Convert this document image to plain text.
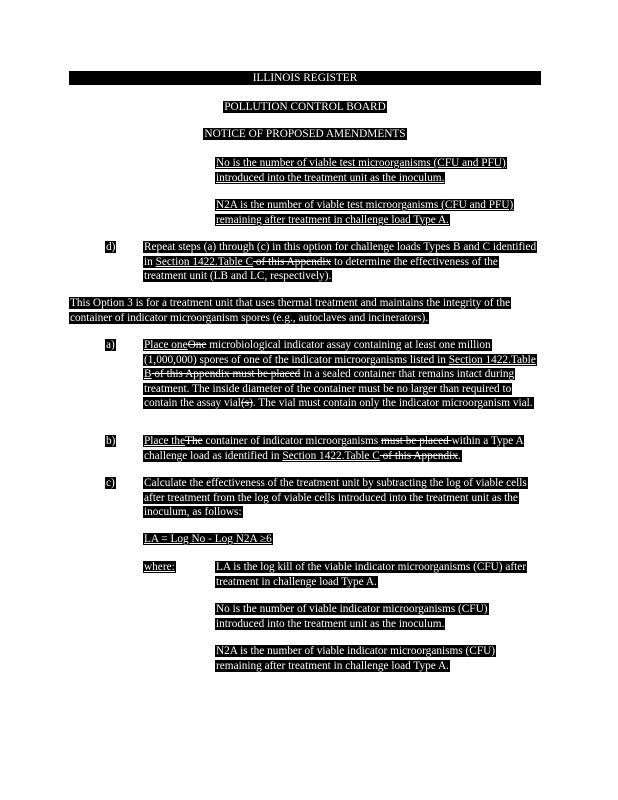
ILLINOIS REGISTER
POLLUTION CONTROL BOARD
NOTICE OF PROPOSED AMENDMENTS
No is the number of viable test microorganisms (CFU and PFU) introduced into the treatment unit as the inoculum.
N2A is the number of viable test microorganisms (CFU and PFU) remaining after treatment in challenge load Type A.
d)	Repeat steps (a) through (c) in this option for challenge loads Types B and C identified in Section 1422.Table C of this Appendix to determine the effectiveness of the treatment unit (LB and LC, respectively).
This Option 3 is for a treatment unit that uses thermal treatment and maintains the integrity of the container of indicator microorganism spores (e.g., autoclaves and incinerators).
a)	Place oneOne microbiological indicator assay containing at least one million (1,000,000) spores of one of the indicator microorganisms listed in Section 1422.Table B of this Appendix must be placed in a sealed container that remains intact during treatment. The inside diameter of the container must be no larger than required to contain the assay vial(s). The vial must contain only the indicator microorganism vial.
b)	Place theThe container of indicator microorganisms must be placed within a Type A challenge load as identified in Section 1422.Table C of this Appendix.
c)	Calculate the effectiveness of the treatment unit by subtracting the log of viable cells after treatment from the log of viable cells introduced into the treatment unit as the inoculum, as follows:
LA = Log No - Log N2A ≥6
where:	LA is the log kill of the viable indicator microorganisms (CFU) after treatment in challenge load Type A.
No is the number of viable indicator microorganisms (CFU) introduced into the treatment unit as the inoculum.
N2A is the number of viable indicator microorganisms (CFU) remaining after treatment in challenge load Type A.
